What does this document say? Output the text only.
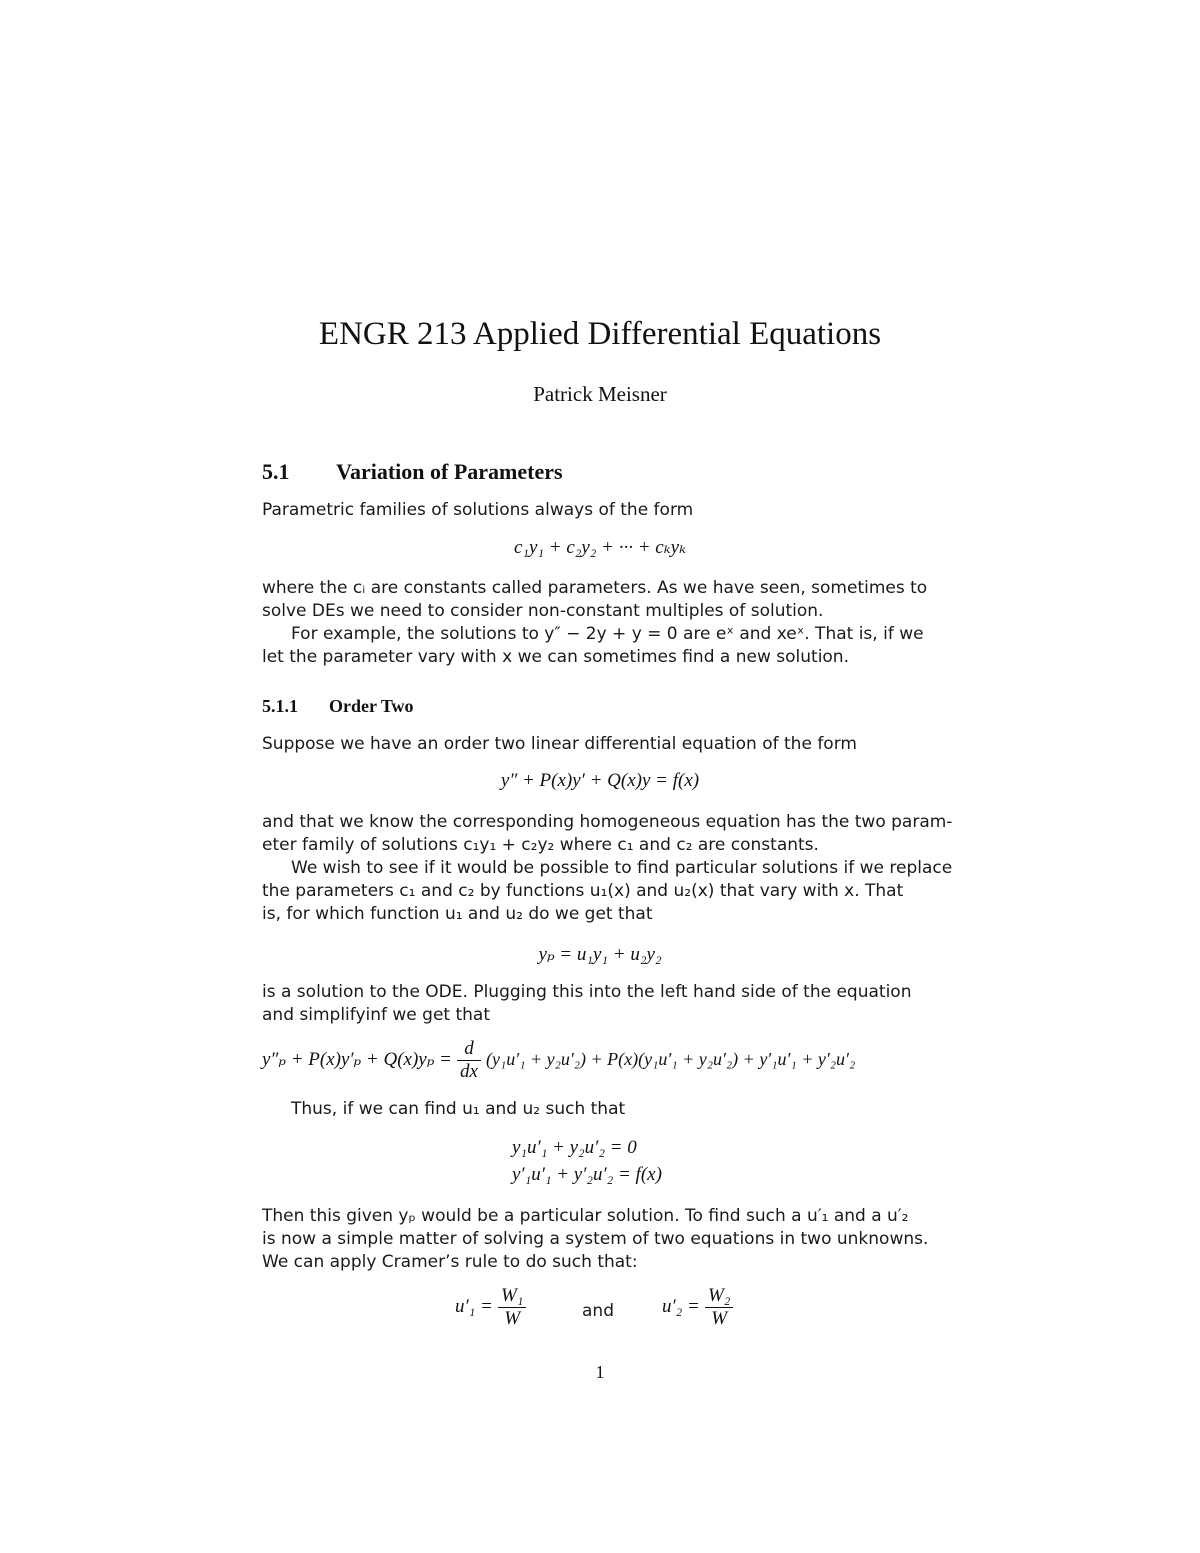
ENGR 213 Applied Differential Equations
Patrick Meisner
5.1 Variation of Parameters
Parametric families of solutions always of the form
c₁y₁ + c₂y₂ + ··· + cₖyₖ
where the cᵢ are constants called parameters. As we have seen, sometimes to
solve DEs we need to consider non-constant multiples of solution.
For example, the solutions to y″ − 2y + y = 0 are eˣ and xeˣ. That is, if we
let the parameter vary with x we can sometimes find a new solution.
5.1.1 Order Two
Suppose we have an order two linear differential equation of the form
y″ + P(x)y′ + Q(x)y = f(x)
and that we know the corresponding homogeneous equation has the two param-
eter family of solutions c₁y₁ + c₂y₂ where c₁ and c₂ are constants.
We wish to see if it would be possible to find particular solutions if we replace
the parameters c₁ and c₂ by functions u₁(x) and u₂(x) that vary with x. That
is, for which function u₁ and u₂ do we get that
yₚ = u₁y₁ + u₂y₂
is a solution to the ODE. Plugging this into the left hand side of the equation
and simplifyinf we get that
$y''_p + P(x)y'_p + Q(x)y_p = \frac{d}{dx} (y_1u'_1 + y_2u'_2) + P(x)(y_1u'_1 + y_2u'_2) + y'_1u'_1 + y'_2u'_2$
Thus, if we can find u₁ and u₂ such that
y₁u′₁ + y₂u′₂ = 0
y′₁u′₁ + y′₂u′₂ = f(x)
Then this given yₚ would be a particular solution. To find such a u′₁ and a u′₂
is now a simple matter of solving a system of two equations in two unknowns.
We can apply Cramer’s rule to do such that:
$u'_1 = \frac{\text{W₁}}{W}$	and	$u'_2 = \frac{\text{W₂}}{W}$
1
